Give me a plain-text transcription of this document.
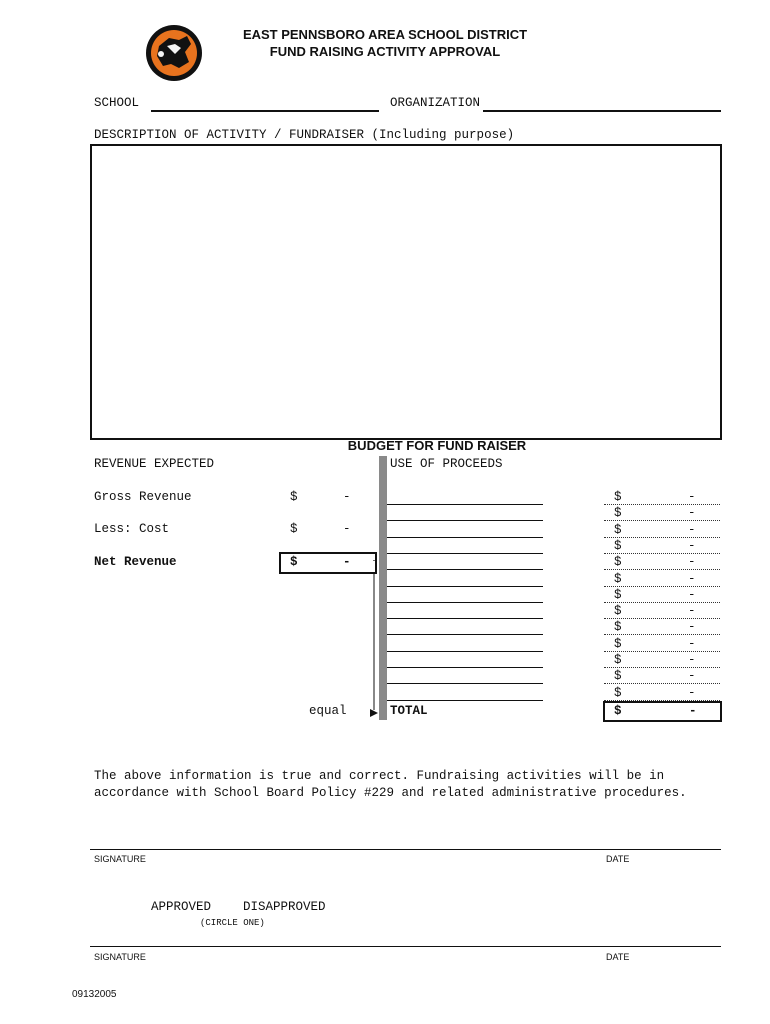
EAST PENNSBORO AREA SCHOOL DISTRICT
FUND RAISING ACTIVITY APPROVAL
SCHOOL	ORGANIZATION
DESCRIPTION OF ACTIVITY / FUNDRAISER (Including purpose)
BUDGET FOR FUND RAISER
REVENUE EXPECTED
Gross Revenue	$	-
Less: Cost	$	-
Net Revenue	$	-
equal
USE OF PROCEEDS
$	-
$	-
$	-
$	-
$	-
$	-
$	-
$	-
$	-
$	-
$	-
$	-
$	-
TOTAL	$	-
The above information is true and correct. Fundraising activities will be in
accordance with School Board Policy #229 and related administrative procedures.
SIGNATURE	DATE
APPROVED	DISAPPROVED
(CIRCLE ONE)
SIGNATURE	DATE
09132005
